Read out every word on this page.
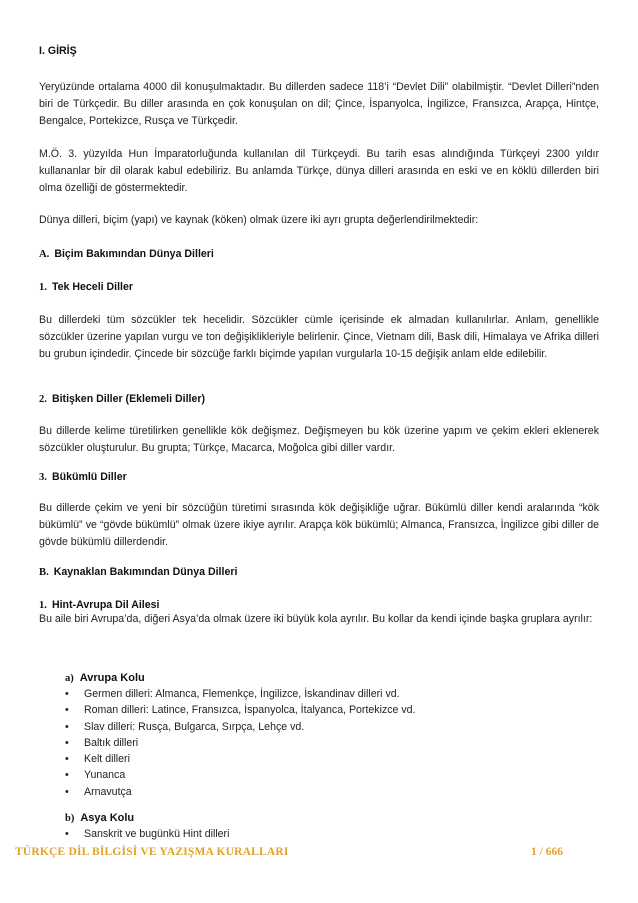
I. GİRİŞ
Yeryüzünde ortalama 4000 dil konuşulmaktadır. Bu dillerden sadece 118’i “Devlet Dili” olabilmiştir. “Devlet Dilleri”nden biri de Türkçedir. Bu diller arasında en çok konuşulan on dil; Çince, İspanyolca, İngilizce, Fransızca, Arapça, Hintçe, Bengalce, Portekizce, Rusça ve Türkçedir.
M.Ö. 3. yüzyılda Hun İmparatorluğunda kullanılan dil Türkçeydi. Bu tarih esas alındığında Türkçeyi 2300 yıldır kullananlar bir dil olarak kabul edebiliriz. Bu anlamda Türkçe, dünya dilleri arasında en eski ve en köklü dillerden biri olma özelliği de göstermektedir.
Dünya dilleri, biçim (yapı) ve kaynak (köken) olmak üzere iki ayrı grupta değerlendirilmektedir:
A. Biçim Bakımından Dünya Dilleri
1. Tek Heceli Diller
Bu dillerdeki tüm sözcükler tek hecelidir. Sözcükler cümle içerisinde ek almadan kullanılırlar. Anlam, genellikle sözcükler üzerine yapılan vurgu ve ton değişiklikleriyle belirlenir. Çince, Vietnam dili, Bask dili, Himalaya ve Afrika dilleri bu grubun içindedir. Çincede bir sözcüğe farklı biçimde yapılan vurgularla 10-15 değişik anlam elde edilebilir.
2. Bitişken Diller (Eklemeli Diller)
Bu dillerde kelime türetilirken genellikle kök değişmez. Değişmeyen bu kök üzerine yapım ve çekim ekleri eklenerek sözcükler oluşturulur. Bu grupta; Türkçe, Macarca, Moğolca gibi diller vardır.
3. Bükümlü Diller
Bu dillerde çekim ve yeni bir sözcüğün türetimi sırasında kök değişikliğe uğrar. Bükümlü diller kendi aralarında “kök bükümlü” ve “gövde bükümlü” olmak üzere ikiye ayrılır. Arapça kök bükümlü; Almanca, Fransızca, İngilizce gibi diller de gövde bükümlü dillerdendir.
B. Kaynaklan Bakımından Dünya Dilleri
1. Hint-Avrupa Dil Ailesi
Bu aile biri Avrupa’da, diğeri Asya’da olmak üzere iki büyük kola ayrılır. Bu kollar da kendi içinde başka gruplara ayrılır:
a) Avrupa Kolu
• Germen dilleri: Almanca, Flemenkçe, İngilizce, İskandinav dilleri vd.
• Roman dilleri: Latince, Fransızca, İspanyolca, İtalyanca, Portekizce vd.
• Slav dilleri: Rusça, Bulgarca, Sırpça, Lehçe vd.
• Baltık dilleri
• Kelt dilleri
• Yunanca
• Arnavutça
b) Asya Kolu
• Sanskrit ve bugünkü Hint dilleri
TÜRKÇE DİL BİLGİSİ VE YAZIŞMA KURALLARI	1 / 666
